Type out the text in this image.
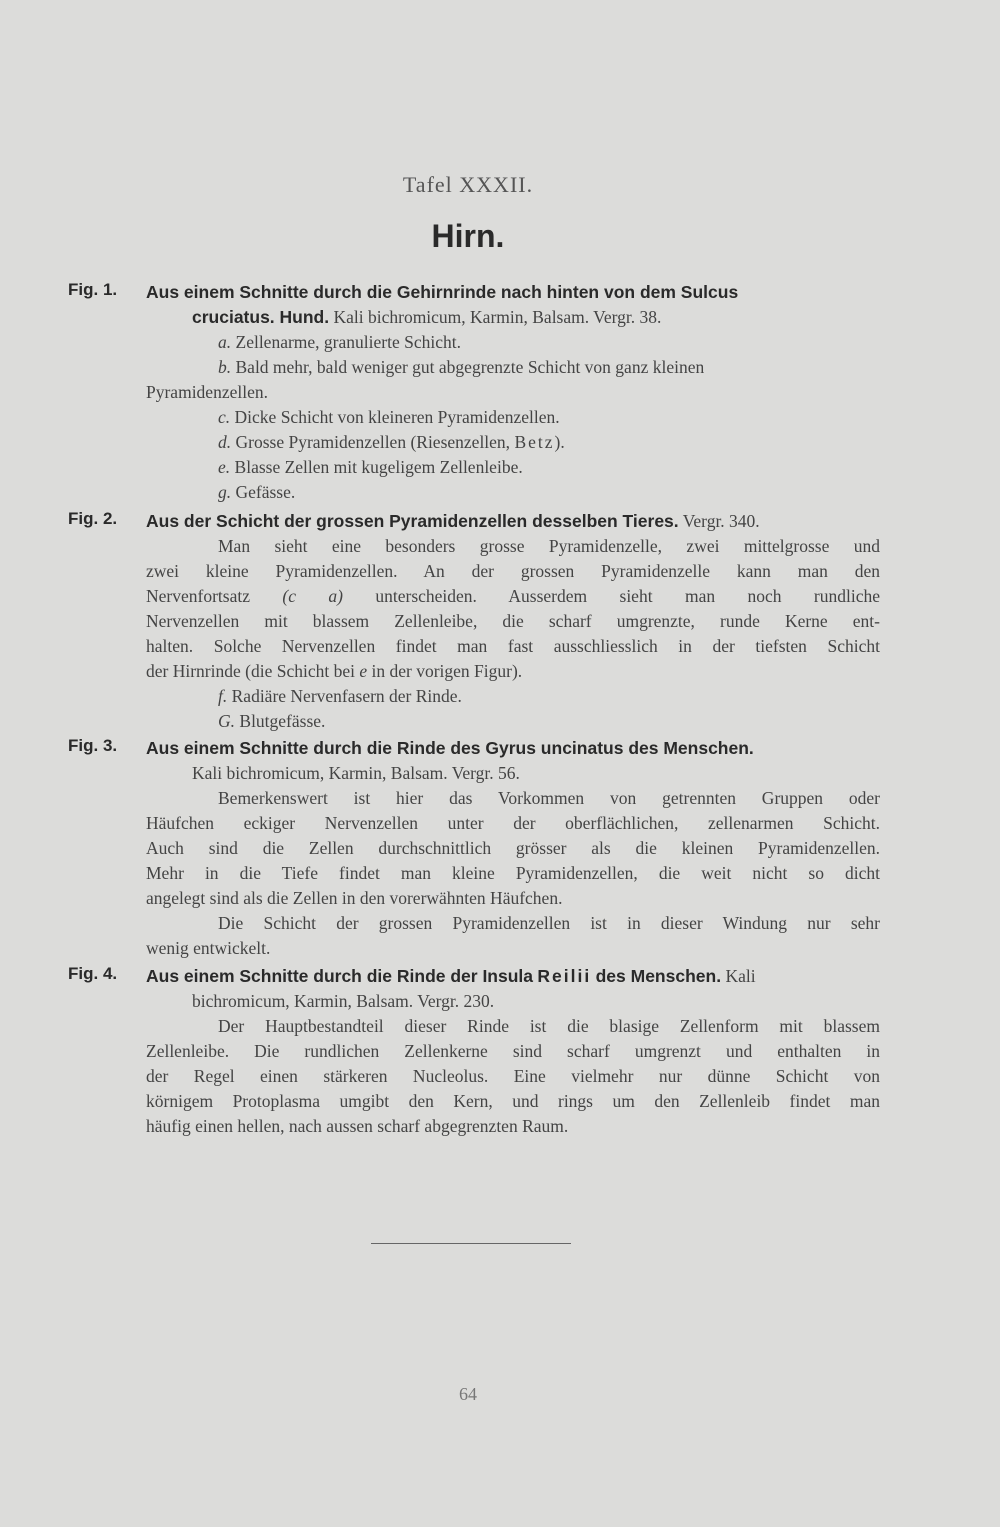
Tafel XXXII.
Hirn.
Fig. 1. Aus einem Schnitte durch die Gehirnrinde nach hinten von dem Sulcus
cruciatus. Hund. Kali bichromicum, Karmin, Balsam. Vergr. 38.
a. Zellenarme, granulierte Schicht.
b. Bald mehr, bald weniger gut abgegrenzte Schicht von ganz kleinen
Pyramidenzellen.
c. Dicke Schicht von kleineren Pyramidenzellen.
d. Grosse Pyramidenzellen (Riesenzellen, Betz).
e. Blasse Zellen mit kugeligem Zellenleibe.
g. Gefässe.
Fig. 2. Aus der Schicht der grossen Pyramidenzellen desselben Tieres. Vergr. 340.
Man sieht eine besonders grosse Pyramidenzelle, zwei mittelgrosse und
zwei kleine Pyramidenzellen. An der grossen Pyramidenzelle kann man den
Nervenfortsatz (c a) unterscheiden. Ausserdem sieht man noch rundliche
Nervenzellen mit blassem Zellenleibe, die scharf umgrenzte, runde Kerne ent-
halten. Solche Nervenzellen findet man fast ausschliesslich in der tiefsten Schicht
der Hirnrinde (die Schicht bei e in der vorigen Figur).
f. Radiäre Nervenfasern der Rinde.
G. Blutgefässe.
Fig. 3. Aus einem Schnitte durch die Rinde des Gyrus uncinatus des Menschen.
Kali bichromicum, Karmin, Balsam. Vergr. 56.
Bemerkenswert ist hier das Vorkommen von getrennten Gruppen oder
Häufchen eckiger Nervenzellen unter der oberflächlichen, zellenarmen Schicht.
Auch sind die Zellen durchschnittlich grösser als die kleinen Pyramidenzellen.
Mehr in die Tiefe findet man kleine Pyramidenzellen, die weit nicht so dicht
angelegt sind als die Zellen in den vorerwähnten Häufchen.
Die Schicht der grossen Pyramidenzellen ist in dieser Windung nur sehr
wenig entwickelt.
Fig. 4. Aus einem Schnitte durch die Rinde der Insula Reilii des Menschen. Kali
bichromicum, Karmin, Balsam. Vergr. 230.
Der Hauptbestandteil dieser Rinde ist die blasige Zellenform mit blassem
Zellenleibe. Die rundlichen Zellenkerne sind scharf umgrenzt und enthalten in
der Regel einen stärkeren Nucleolus. Eine vielmehr nur dünne Schicht von
körnigem Protoplasma umgibt den Kern, und rings um den Zellenleib findet man
häufig einen hellen, nach aussen scharf abgegrenzten Raum.
64
